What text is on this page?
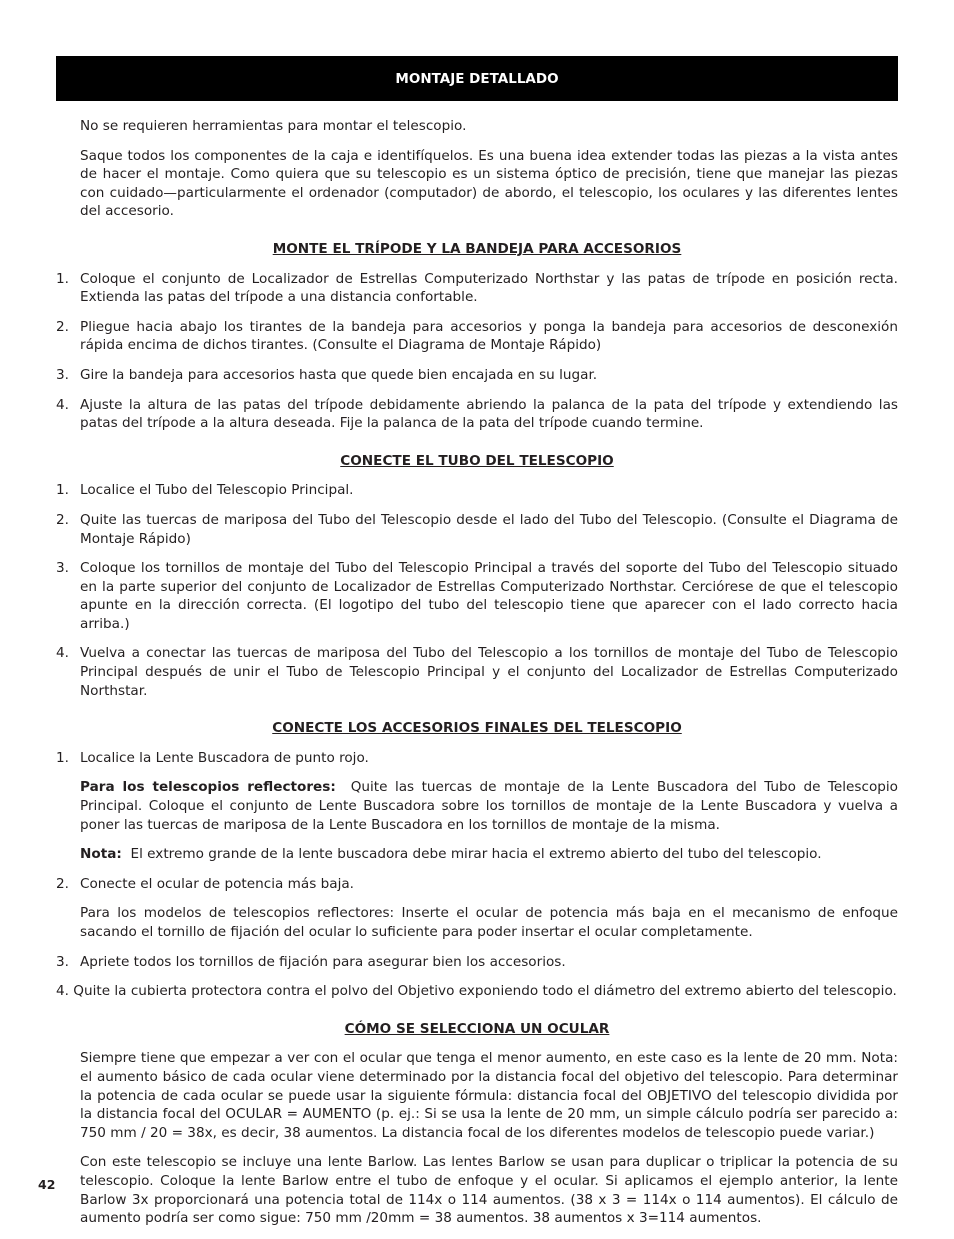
MONTAJE DETALLADO

No se requieren herramientas para montar el telescopio.

Saque todos los componentes de la caja e identifíquelos. Es una buena idea extender todas las piezas a la vista antes de hacer el montaje. Como quiera que su telescopio es un sistema óptico de precisión, tiene que manejar las piezas con cuidado—particularmente el ordenador (computador) de abordo, el telescopio, los oculares y las diferentes lentes del accesorio.

MONTE EL TRÍPODE Y LA BANDEJA PARA ACCESORIOS
1. Coloque el conjunto de Localizador de Estrellas Computerizado Northstar y las patas de trípode en posición recta. Extienda las patas del trípode a una distancia confortable.
2. Pliegue hacia abajo los tirantes de la bandeja para accesorios y ponga la bandeja para accesorios de desconexión rápida encima de dichos tirantes. (Consulte el Diagrama de Montaje Rápido)
3. Gire la bandeja para accesorios hasta que quede bien encajada en su lugar.
4. Ajuste la altura de las patas del trípode debidamente abriendo la palanca de la pata del trípode y extendiendo las patas del trípode a la altura deseada. Fije la palanca de la pata del trípode cuando termine.
CONECTE EL TUBO DEL TELESCOPIO
1. Localice el Tubo del Telescopio Principal.
2. Quite las tuercas de mariposa del Tubo del Telescopio desde el lado del Tubo del Telescopio. (Consulte el Diagrama de Montaje Rápido)
3. Coloque los tornillos de montaje del Tubo del Telescopio Principal a través del soporte del Tubo del Telescopio situado en la parte superior del conjunto de Localizador de Estrellas Computerizado Northstar. Cerciórese de que el telescopio apunte en la dirección correcta. (El logotipo del tubo del telescopio tiene que aparecer con el lado correcto hacia arriba.)
4. Vuelva a conectar las tuercas de mariposa del Tubo del Telescopio a los tornillos de montaje del Tubo de Telescopio Principal después de unir el Tubo de Telescopio Principal y el conjunto del Localizador de Estrellas Computerizado Northstar.
CONECTE LOS ACCESORIOS FINALES DEL TELESCOPIO
1. Localice la Lente Buscadora de punto rojo.

Para los telescopios reflectores: Quite las tuercas de montaje de la Lente Buscadora del Tubo de Telescopio Principal. Coloque el conjunto de Lente Buscadora sobre los tornillos de montaje de la Lente Buscadora y vuelva a poner las tuercas de mariposa de la Lente Buscadora en los tornillos de montaje de la misma.

Nota: El extremo grande de la lente buscadora debe mirar hacia el extremo abierto del tubo del telescopio.

2. Conecte el ocular de potencia más baja.

Para los modelos de telescopios reflectores: Inserte el ocular de potencia más baja en el mecanismo de enfoque sacando el tornillo de fijación del ocular lo suficiente para poder insertar el ocular completamente.

3. Apriete todos los tornillos de fijación para asegurar bien los accesorios.

4. Quite la cubierta protectora contra el polvo del Objetivo exponiendo todo el diámetro del extremo abierto del telescopio.

CÓMO SE SELECCIONA UN OCULAR

Siempre tiene que empezar a ver con el ocular que tenga el menor aumento, en este caso es la lente de 20 mm. Nota: el aumento básico de cada ocular viene determinado por la distancia focal del objetivo del telescopio. Para determinar la potencia de cada ocular se puede usar la siguiente fórmula: distancia focal del OBJETIVO del telescopio dividida por la distancia focal del OCULAR = AUMENTO (p. ej.: Si se usa la lente de 20 mm, un simple cálculo podría ser parecido a: 750 mm / 20 = 38x, es decir, 38 aumentos. La distancia focal de los diferentes modelos de telescopio puede variar.)

Con este telescopio se incluye una lente Barlow. Las lentes Barlow se usan para duplicar o triplicar la potencia de su telescopio. Coloque la lente Barlow entre el tubo de enfoque y el ocular. Si aplicamos el ejemplo anterior, la lente Barlow 3x proporcionará una potencia total de 114x o 114 aumentos. (38 x 3 = 114x o 114 aumentos). El cálculo de aumento podría ser como sigue: 750 mm /20mm = 38 aumentos. 38 aumentos x 3=114 aumentos.

42
